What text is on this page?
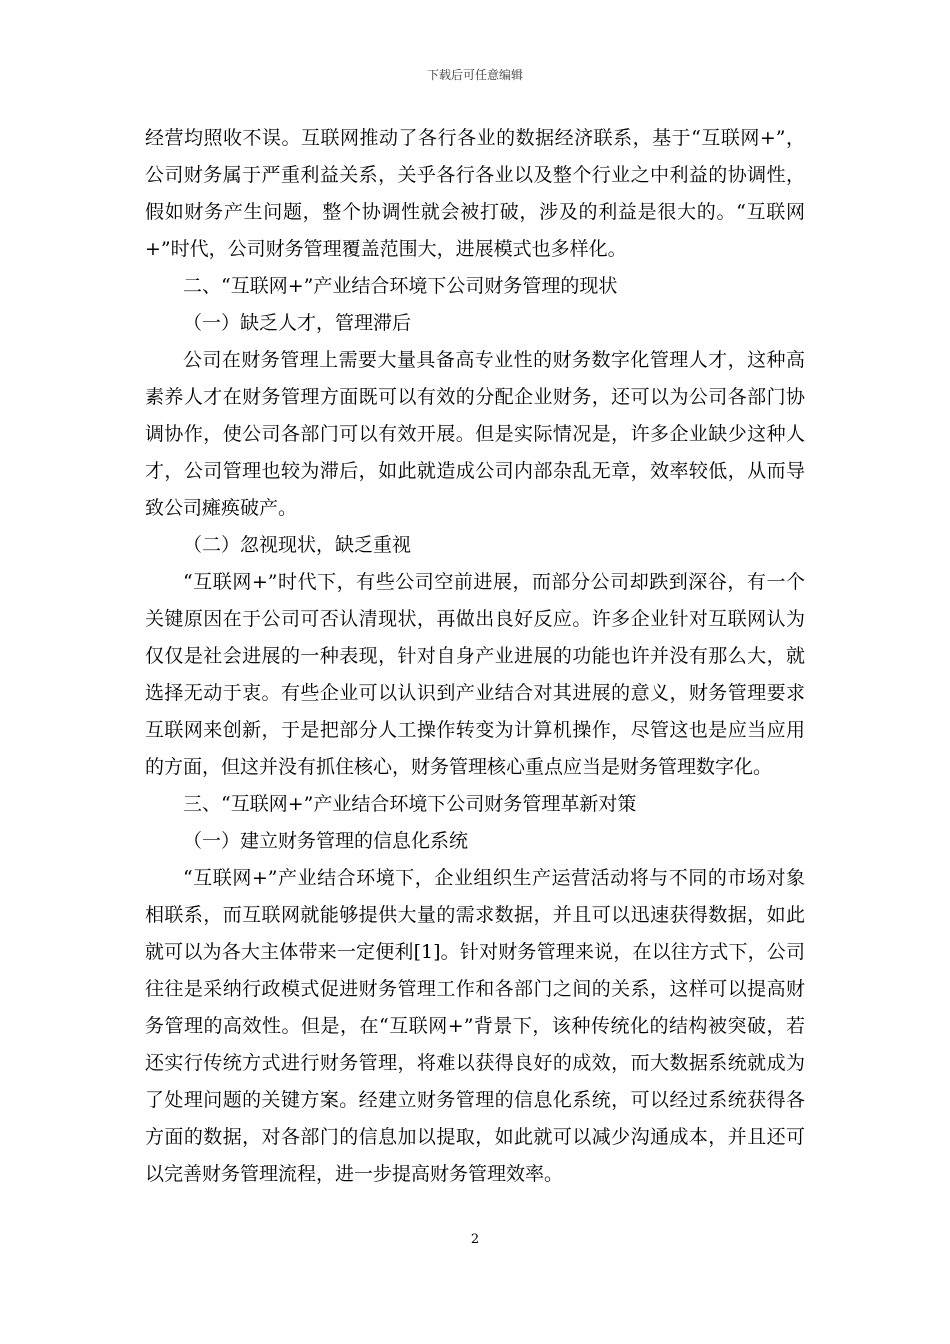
下载后可任意编辑

经营均照收不误。互联网推动了各行各业的数据经济联系，基于“互联网+”，公司财务属于严重利益关系，关乎各行各业以及整个行业之中利益的协调性，假如财务产生问题，整个协调性就会被打破，涉及的利益是很大的。“互联网+”时代，公司财务管理覆盖范围大，进展模式也多样化。

二、“互联网+”产业结合环境下公司财务管理的现状

（一）缺乏人才，管理滞后

公司在财务管理上需要大量具备高专业性的财务数字化管理人才，这种高素养人才在财务管理方面既可以有效的分配企业财务，还可以为公司各部门协调协作，使公司各部门可以有效开展。但是实际情况是，许多企业缺少这种人才，公司管理也较为滞后，如此就造成公司内部杂乱无章，效率较低，从而导致公司瘫痪破产。

（二）忽视现状，缺乏重视

“互联网+”时代下，有些公司空前进展，而部分公司却跌到深谷，有一个关键原因在于公司可否认清现状，再做出良好反应。许多企业针对互联网认为仅仅是社会进展的一种表现，针对自身产业进展的功能也许并没有那么大，就选择无动于衷。有些企业可以认识到产业结合对其进展的意义，财务管理要求互联网来创新，于是把部分人工操作转变为计算机操作，尽管这也是应当应用的方面，但这并没有抓住核心，财务管理核心重点应当是财务管理数字化。

三、“互联网+”产业结合环境下公司财务管理革新对策

（一）建立财务管理的信息化系统

“互联网+”产业结合环境下，企业组织生产运营活动将与不同的市场对象相联系，而互联网就能够提供大量的需求数据，并且可以迅速获得数据，如此就可以为各大主体带来一定便利[1]。针对财务管理来说，在以往方式下，公司往往是采纳行政模式促进财务管理工作和各部门之间的关系，这样可以提高财务管理的高效性。但是，在“互联网+”背景下，该种传统化的结构被突破，若还实行传统方式进行财务管理，将难以获得良好的成效，而大数据系统就成为了处理问题的关键方案。经建立财务管理的信息化系统，可以经过系统获得各方面的数据，对各部门的信息加以提取，如此就可以减少沟通成本，并且还可以完善财务管理流程，进一步提高财务管理效率。

2
